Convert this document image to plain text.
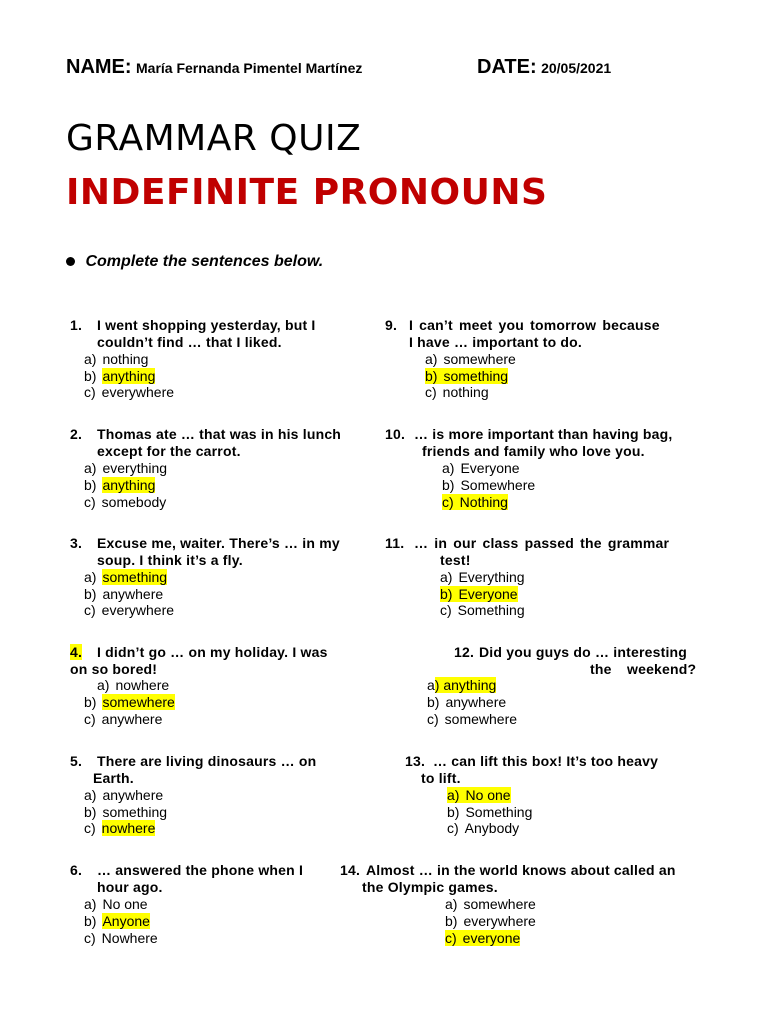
NAME: María Fernanda Pimentel Martínez	DATE: 20/05/2021
GRAMMAR QUIZ
INDEFINITE PRONOUNS
Complete the sentences below.
1. I went shopping yesterday, but I
couldn’t find … that I liked.
a) nothing
b) anything
c) everywhere
2. Thomas ate … that was in his lunch
except for the carrot.
a) everything
b) anything
c) somebody
3. Excuse me, waiter. There’s … in my
soup. I think it’s a fly.
a) something
b) anywhere
c) everywhere
4. I didn’t go … on my holiday. I was
on so bored!
a) nowhere
b) somewhere
c) anywhere
5. There are living dinosaurs … on
Earth.
a) anywhere
b) something
c) nowhere
6. … answered the phone when I
hour ago.
a) No one
b) Anyone
c) Nowhere
9. I can’t meet you tomorrow because
I have … important to do.
a) somewhere
b) something
c) nothing
10. … is more important than having bag,
friends and family who love you.
a) Everyone
b) Somewhere
c) Nothing
11. … in our class passed the grammar
test!
a) Everything
b) Everyone
c) Something
12. Did you guys do … interesting
the weekend?
a) anything
b) anywhere
c) somewhere
13. … can lift this box! It’s too heavy
to lift.
a) No one
b) Something
c) Anybody
14. Almost … in the world knows about called an
the Olympic games.
a) somewhere
b) everywhere
c) everyone
